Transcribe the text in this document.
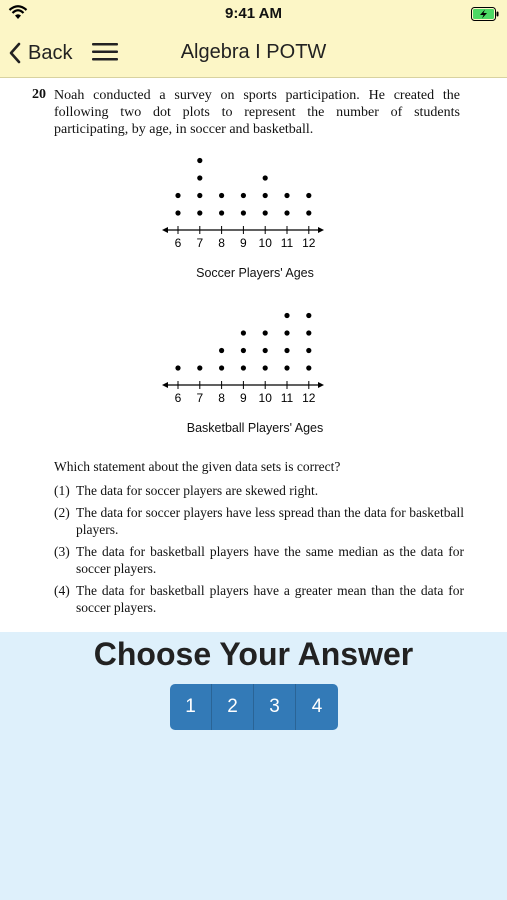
9:41 AM
Back	Algebra I POTW
20 Noah conducted a survey on sports participation. He created the following two dot plots to represent the number of students participating, by age, in soccer and basketball.
6 7 8 9 10 11 12
Soccer Players' Ages
6 7 8 9 10 11 12
Basketball Players' Ages
Which statement about the given data sets is correct?
(1) The data for soccer players are skewed right.
(2) The data for soccer players have less spread than the data for basketball players.
(3) The data for basketball players have the same median as the data for soccer players.
(4) The data for basketball players have a greater mean than the data for soccer players.
Choose Your Answer
1	2	3	4
